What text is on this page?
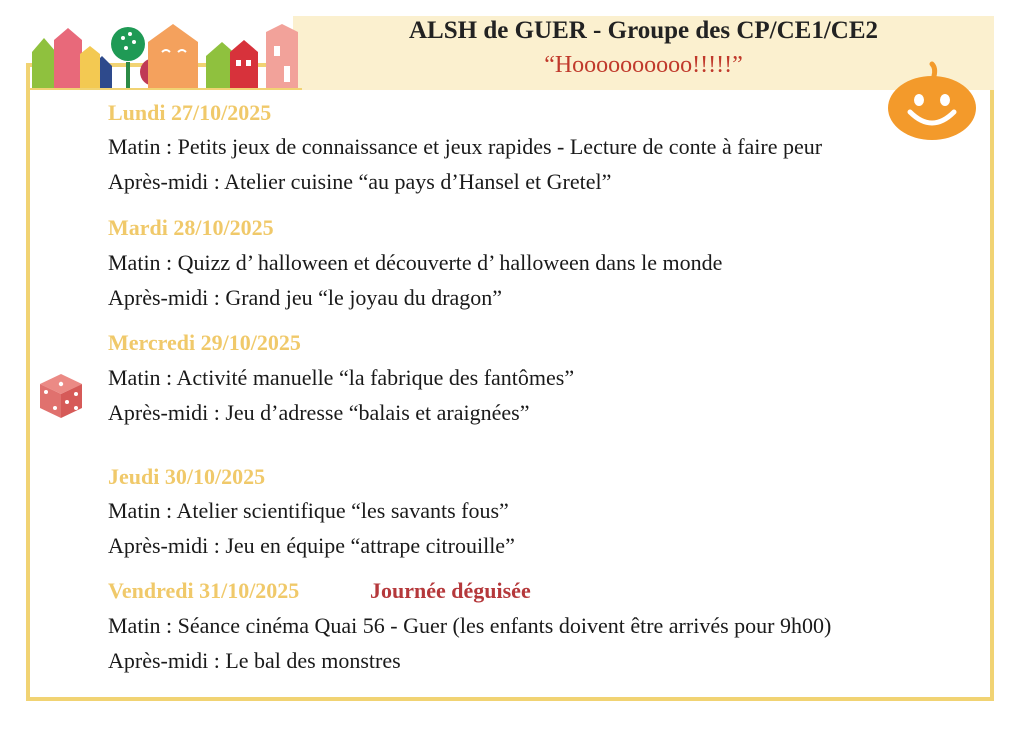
ALSH de GUER - Groupe des CP/CE1/CE2
“Hoooooooooo!!!!!”
Lundi 27/10/2025
Matin : Petits jeux de connaissance et jeux rapides - Lecture de conte à faire peur
Après-midi : Atelier cuisine “au pays d’Hansel et Gretel”
Mardi 28/10/2025
Matin : Quizz d’ halloween et découverte d’ halloween dans le monde
Après-midi : Grand jeu “le joyau du dragon”
Mercredi 29/10/2025
Matin : Activité manuelle “la fabrique des fantômes”
Après-midi : Jeu d’adresse “balais et araignées”
Jeudi 30/10/2025
Matin : Atelier scientifique “les savants fous”
Après-midi : Jeu en équipe “attrape citrouille”
Vendredi 31/10/2025	Journée déguisée
Matin : Séance cinéma Quai 56 - Guer (les enfants doivent être arrivés pour 9h00)
Après-midi : Le bal des monstres
